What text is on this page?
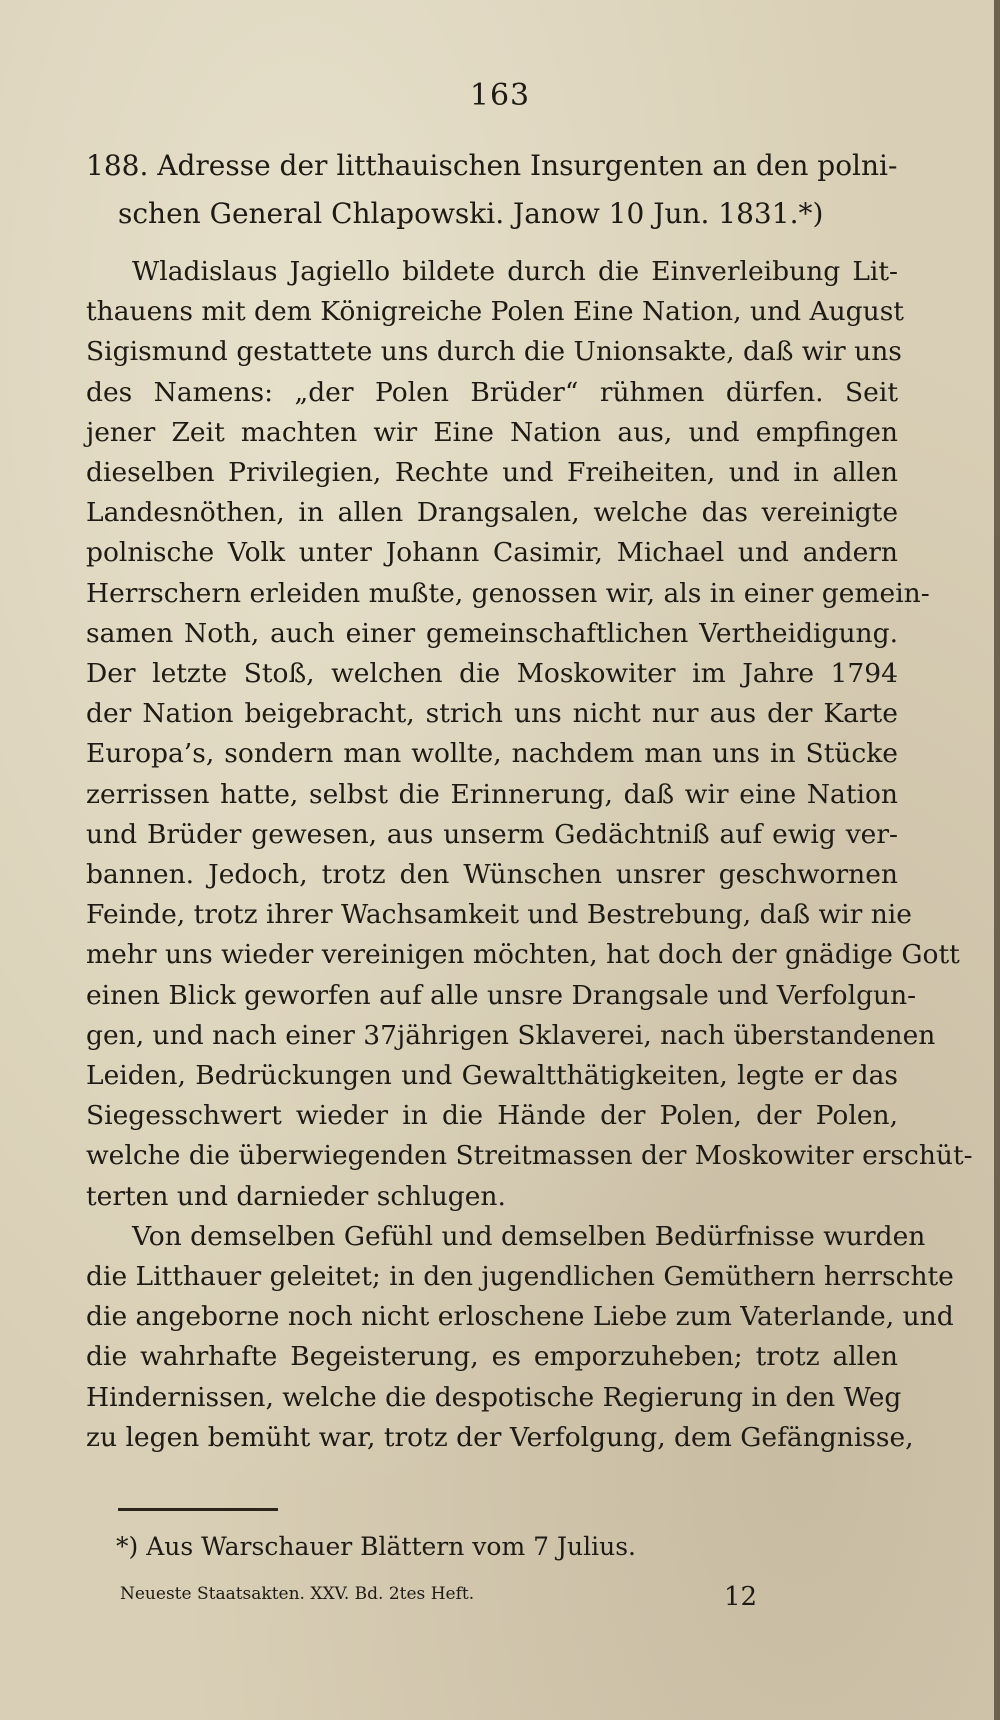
163
188. Adresse der litthauischen Insurgenten an den polni-
schen General Chlapowski. Janow 10 Jun. 1831.*)
Wladislaus Jagiello bildete durch die Einverleibung Lit-
thauens mit dem Königreiche Polen Eine Nation, und August
Sigismund gestattete uns durch die Unionsakte, daß wir uns
des Namens: „der Polen Brüder“ rühmen dürfen. Seit
jener Zeit machten wir Eine Nation aus, und empfingen
dieselben Privilegien, Rechte und Freiheiten, und in allen
Landesnöthen, in allen Drangsalen, welche das vereinigte
polnische Volk unter Johann Casimir, Michael und andern
Herrschern erleiden mußte, genossen wir, als in einer gemein-
samen Noth, auch einer gemeinschaftlichen Vertheidigung.
Der letzte Stoß, welchen die Moskowiter im Jahre 1794
der Nation beigebracht, strich uns nicht nur aus der Karte
Europa’s, sondern man wollte, nachdem man uns in Stücke
zerrissen hatte, selbst die Erinnerung, daß wir eine Nation
und Brüder gewesen, aus unserm Gedächtniß auf ewig ver-
bannen. Jedoch, trotz den Wünschen unsrer geschwornen
Feinde, trotz ihrer Wachsamkeit und Bestrebung, daß wir nie
mehr uns wieder vereinigen möchten, hat doch der gnädige Gott
einen Blick geworfen auf alle unsre Drangsale und Verfolgun-
gen, und nach einer 37jährigen Sklaverei, nach überstandenen
Leiden, Bedrückungen und Gewaltthätigkeiten, legte er das
Siegesschwert wieder in die Hände der Polen, der Polen,
welche die überwiegenden Streitmassen der Moskowiter erschüt-
terten und darnieder schlugen.
Von demselben Gefühl und demselben Bedürfnisse wurden
die Litthauer geleitet; in den jugendlichen Gemüthern herrschte
die angeborne noch nicht erloschene Liebe zum Vaterlande, und
die wahrhafte Begeisterung, es emporzuheben; trotz allen
Hindernissen, welche die despotische Regierung in den Weg
zu legen bemüht war, trotz der Verfolgung, dem Gefängnisse,
*) Aus Warschauer Blättern vom 7 Julius.
Neueste Staatsakten. XXV. Bd. 2tes Heft.	12
